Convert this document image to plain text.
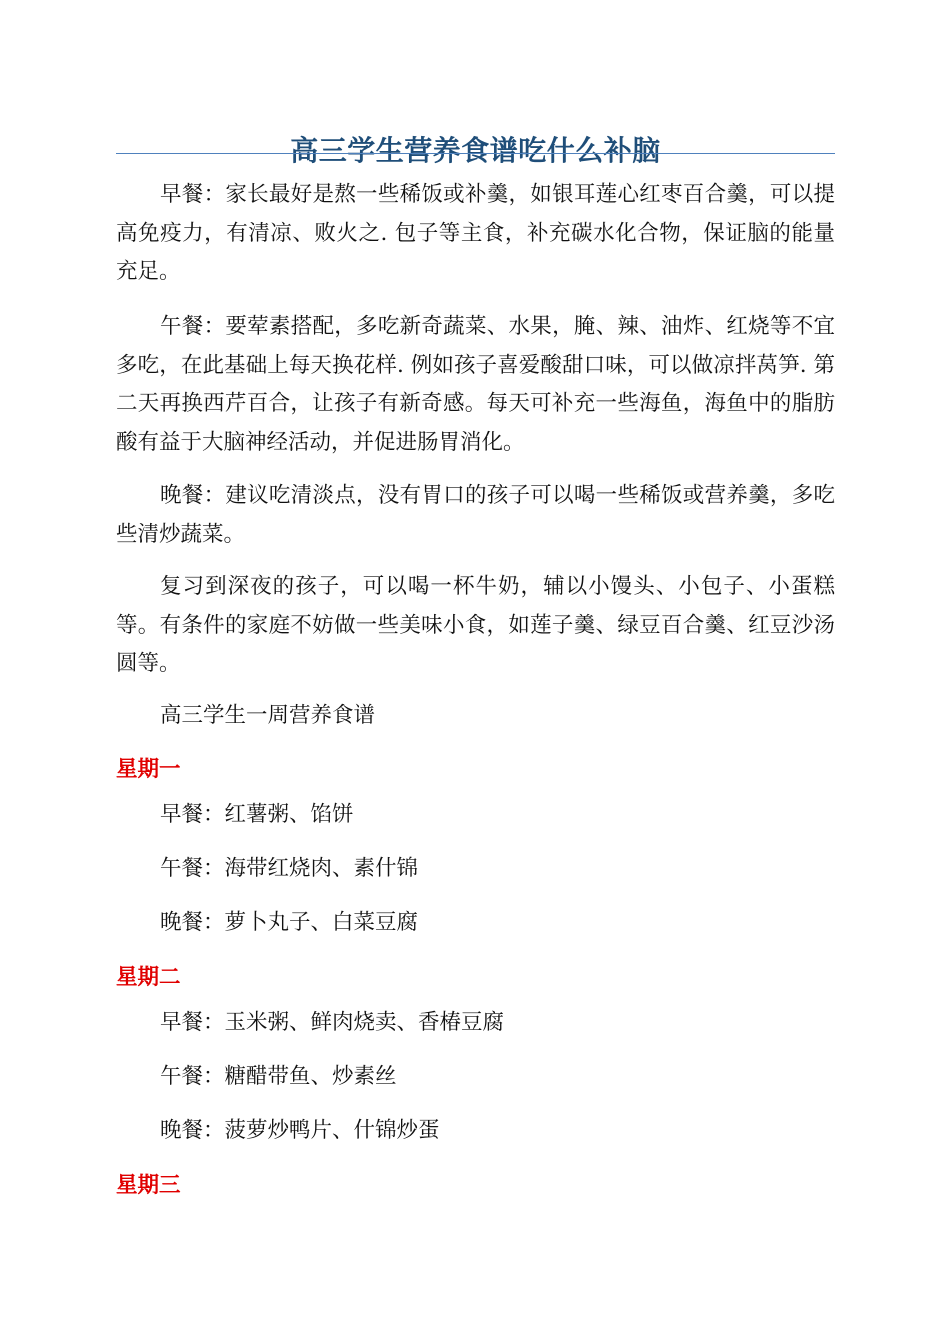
高三学生营养食谱吃什么补脑

早餐：家长最好是熬一些稀饭或补羹，如银耳莲心红枣百合羹，可以提高免疫力，有清凉、败火之. 包子等主食，补充碳水化合物，保证脑的能量充足。

午餐：要荤素搭配，多吃新奇蔬菜、水果，腌、辣、油炸、红烧等不宜多吃，在此基础上每天换花样. 例如孩子喜爱酸甜口味，可以做凉拌莴笋. 第二天再换西芹百合，让孩子有新奇感。每天可补充一些海鱼，海鱼中的脂肪酸有益于大脑神经活动，并促进肠胃消化。

晚餐：建议吃清淡点，没有胃口的孩子可以喝一些稀饭或营养羹，多吃些清炒蔬菜。

复习到深夜的孩子，可以喝一杯牛奶，辅以小馒头、小包子、小蛋糕等。有条件的家庭不妨做一些美味小食，如莲子羹、绿豆百合羹、红豆沙汤圆等。

高三学生一周营养食谱

星期一

早餐：红薯粥、馅饼

午餐：海带红烧肉、素什锦

晚餐：萝卜丸子、白菜豆腐

星期二

早餐：玉米粥、鲜肉烧卖、香椿豆腐

午餐：糖醋带鱼、炒素丝

晚餐：菠萝炒鸭片、什锦炒蛋

星期三
